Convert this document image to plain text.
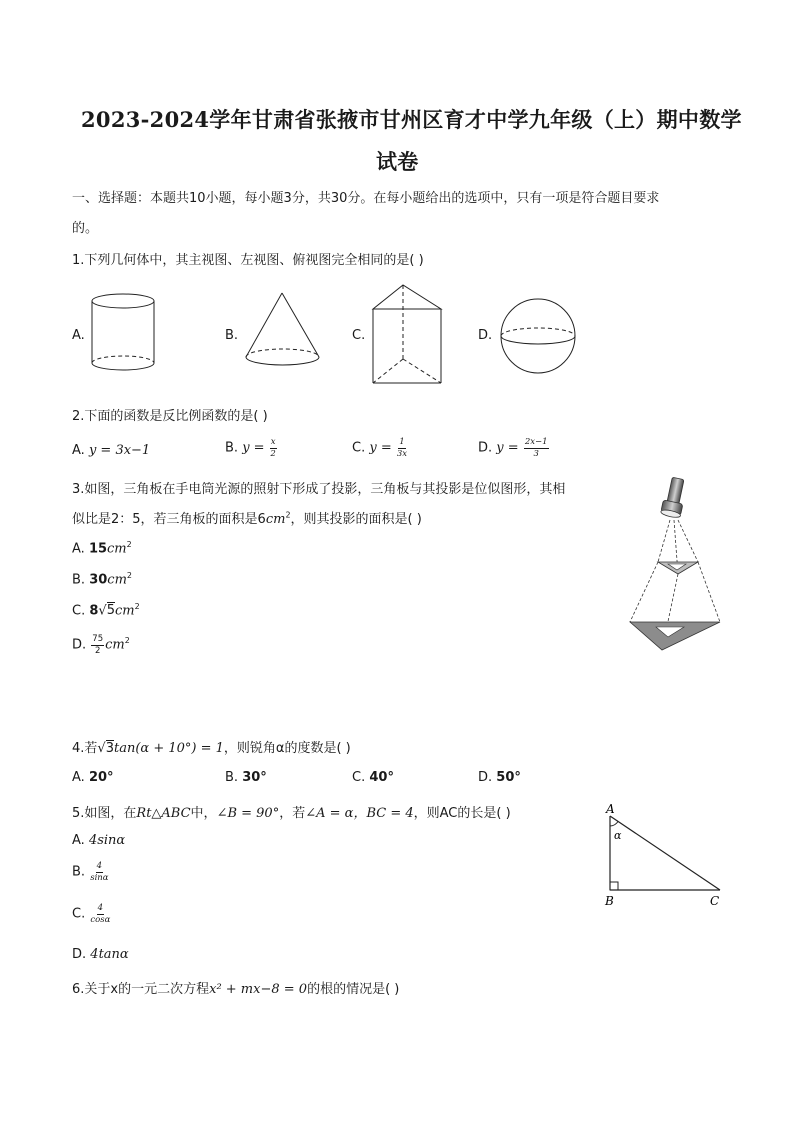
2023-2024学年甘肃省张掖市甘州区育才中学九年级（上）期中数学
试卷
一、选择题：本题共10小题，每小题3分，共30分。在每小题给出的选项中，只有一项是符合题目要求
的。
1.下列几何体中，其主视图、左视图、俯视图完全相同的是( )
A.	B.	C.	D.
2.下面的函数是反比例函数的是( )
A. y = 3x−1	B. $y = \frac{x}{2}$	C. $y = \frac{1}{3x}$	D. $y = \frac{2x-1}{3}$
3.如图，三角板在手电筒光源的照射下形成了投影，三角板与其投影是位似图形，其相
似比是2：5，若三角板的面积是$6cm^2$，则其投影的面积是( )
A. $15cm^2$
B. $30cm^2$
C. $8√5cm^2$
D. $\frac{75}{2} cm^2$
4.若√3tan(α + 10°) = 1，则锐角α的度数是( )
A. 20°	B. 30°	C. 40°	D. 50°
5.如图，在Rt△ABC中，∠B = 90°，若∠A = α，BC = 4，则AC的长是( )
A. 4sinα
B. $\frac{4}{\sin\alpha}$
C. $\frac{4}{\cos\alpha}$
D. 4tanα
A
α
B	C
6.关于x的一元二次方程x² + mx−8 = 0的根的情况是( )
